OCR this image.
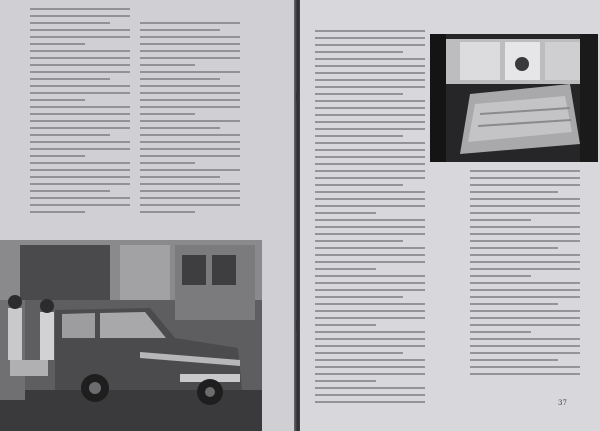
37
